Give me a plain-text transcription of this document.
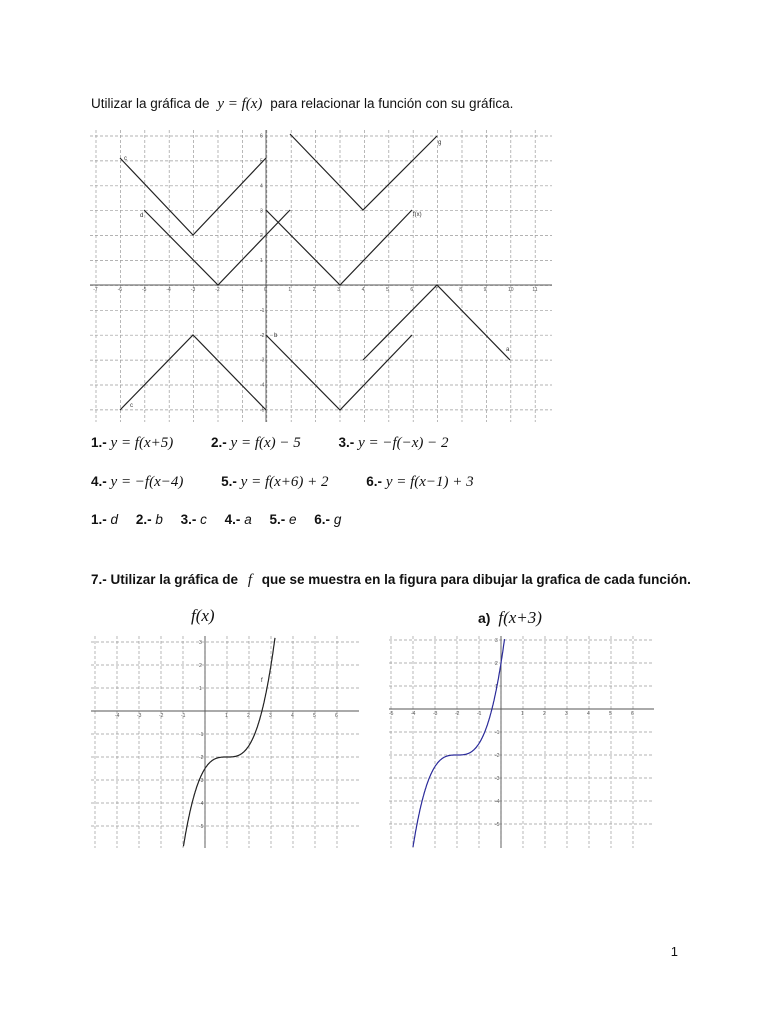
Utilizar la gráfica de y = f(x) para relacionar la función con su gráfica.
-7	-6	-5	-4	-3	-2	-1	0	1	2	3	4	5	6	7	8	9	10	11
6
5
4
3
2
1
-1
-2
-3
-4
-5
c
d
g
f(x)
b
a
c
1.- y = f(x+5)	2.- y = f(x) − 5	3.- y = −f(−x) − 2
4.- y = −f(x−4)	5.- y = f(x+6) + 2	6.- y = f(x−1) + 3
1.- d 2.- b 3.- c 4.- a 5.- e 6.- g
7.- Utilizar la gráfica de f que se muestra en la figura para dibujar la grafica de cada función.
f(x)	a) f(x+3)
-4	-3	-2	-1	1	2	3	4	5	6
3
2
1
-1
-2
-3
-4
-5
f
-5	-4	-3	-2	-1	1	2	3	4	5	6
3
2
1
-1
-2
-3
-4
-5
1
